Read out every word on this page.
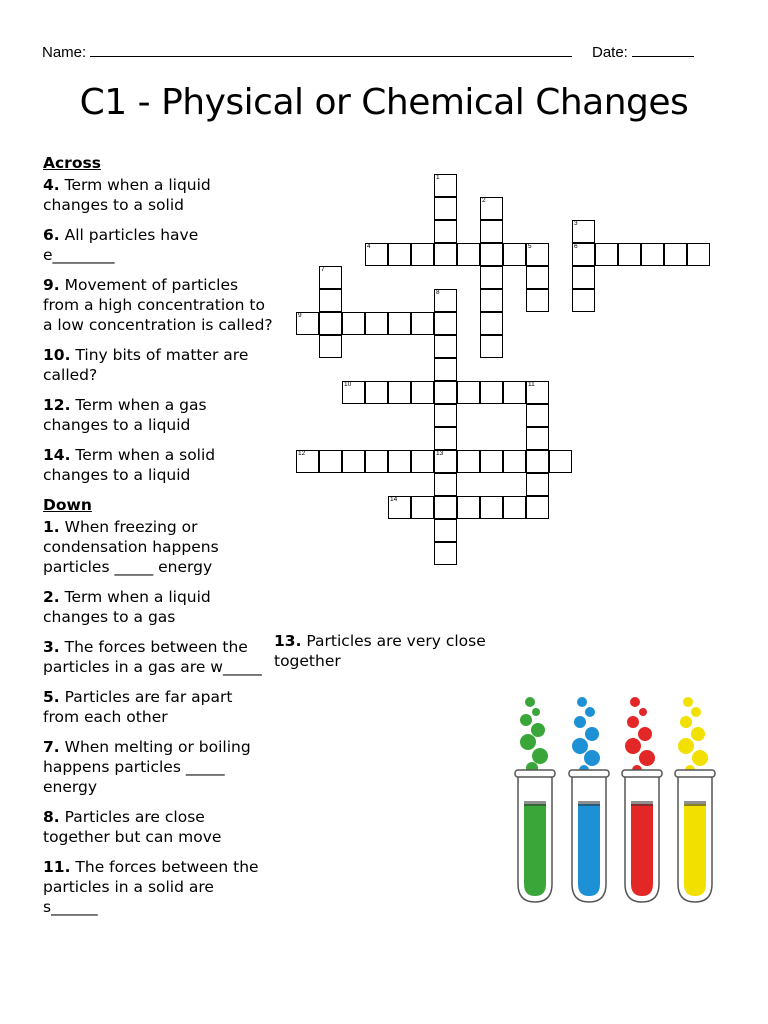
Name:	Date:
C1 - Physical or Chemical Changes
Across
4. Term when a liquid changes to a solid
6. All particles have e________
9. Movement of particles from a high concentration to a low concentration is called?
10. Tiny bits of matter are called?
12. Term when a gas changes to a liquid
14. Term when a solid changes to a liquid
Down
1. When freezing or condensation happens particles _____ energy
2. Term when a liquid changes to a gas
3. The forces between the particles in a gas are w_____
5. Particles are far apart from each other
7. When melting or boiling happens particles _____ energy
8. Particles are close together but can move
11. The forces between the particles in a solid are s______
13. Particles are very close together
1
2
3
6
4	5
7
8
9
10	11
12	13
14
